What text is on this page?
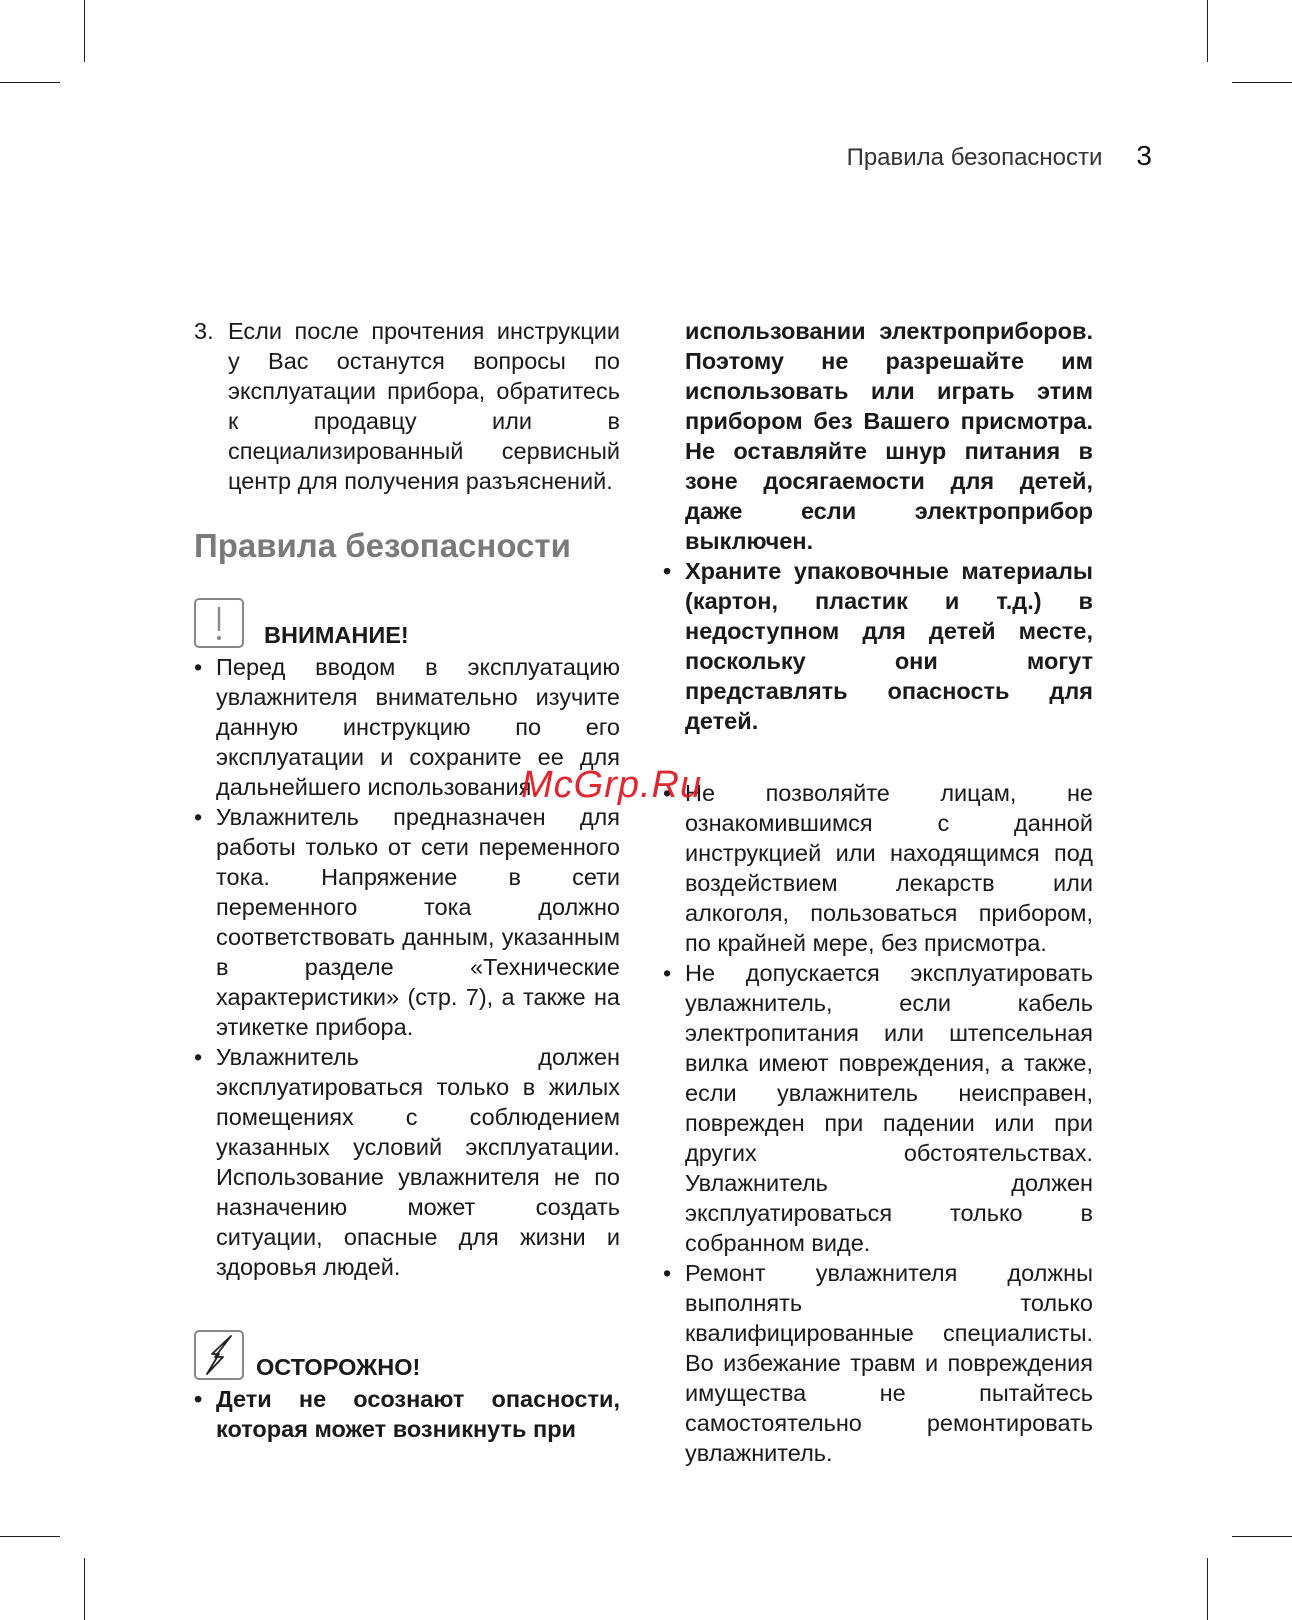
Правила безопасности 3
3. Если после прочтения инструкции у Вас останутся вопросы по эксплуатации прибора, обратитесь к продавцу или в специализированный сервисный центр для получения разъяснений.
Правила безопасности
ВНИМАНИЕ!
• Перед вводом в эксплуатацию увлажнителя внимательно изучите данную инструкцию по его эксплуатации и сохраните ее для дальнейшего использования.
• Увлажнитель предназначен для работы только от сети переменного тока. Напряжение в сети переменного тока должно соответствовать данным, указанным в разделе «Технические характеристики» (стр. 7), а также на этикетке прибора.
• Увлажнитель должен эксплуатироваться только в жилых помещениях с соблюдением указанных условий эксплуатации. Использование увлажнителя не по назначению может создать ситуации, опасные для жизни и здоровья людей.
ОСТОРОЖНО!
• Дети не осознают опасности, которая может возникнуть при
использовании электроприборов. Поэтому не разрешайте им использовать или играть этим прибором без Вашего присмотра. Не оставляйте шнур питания в зоне досягаемости для детей, даже если электроприбор выключен.
• Храните упаковочные материалы (картон, пластик и т.д.) в недоступном для детей месте, поскольку они могут представлять опасность для детей.
• Не позволяйте лицам, не ознакомившимся с данной инструкцией или находящимся под воздействием лекарств или алкоголя, пользоваться прибором, по крайней мере, без присмотра.
• Не допускается эксплуатировать увлажнитель, если кабель электропитания или штепсельная вилка имеют повреждения, а также, если увлажнитель неисправен, поврежден при падении или при других обстоятельствах. Увлажнитель должен эксплуатироваться только в собранном виде.
• Ремонт увлажнителя должны выполнять только квалифицированные специалисты. Во избежание травм и повреждения имущества не пытайтесь самостоятельно ремонтировать увлажнитель.
McGrp.Ru
